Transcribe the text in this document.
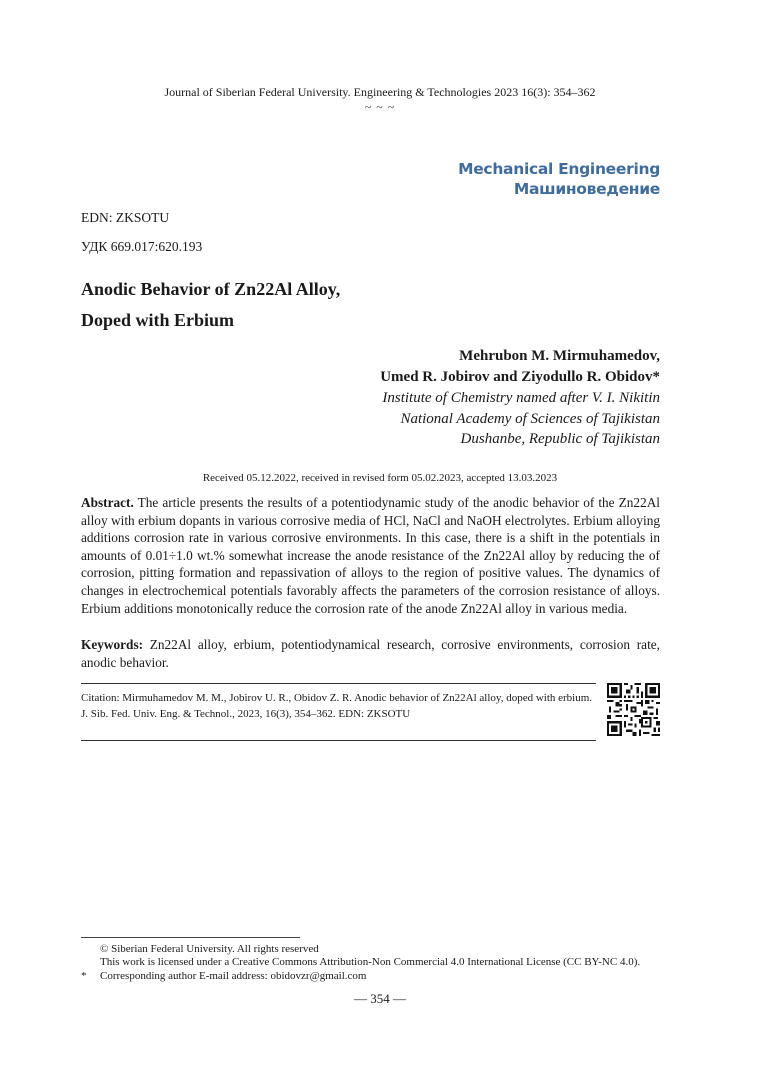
Journal of Siberian Federal University. Engineering & Technologies 2023 16(3): 354–362
~ ~ ~
Mechanical Engineering
Машиноведение
EDN: ZKSOTU
УДК 669.017:620.193
Anodic Behavior of Zn22Al Alloy,
Doped with Erbium
Mehrubon M. Mirmuhamedov,
Umed R. Jobirov and Ziyodullo R. Obidov*
Institute of Chemistry named after V. I. Nikitin
National Academy of Sciences of Tajikistan
Dushanbe, Republic of Tajikistan
Received 05.12.2022, received in revised form 05.02.2023, accepted 13.03.2023
Abstract. The article presents the results of a potentiodynamic study of the anodic behavior of the Zn22Al alloy with erbium dopants in various corrosive media of HCl, NaCl and NaOH electrolytes. Erbium alloying additions corrosion rate in various corrosive environments. In this case, there is a shift in the potentials in amounts of 0.01÷1.0 wt.% somewhat increase the anode resistance of the Zn22Al alloy by reducing the of corrosion, pitting formation and repassivation of alloys to the region of positive values. The dynamics of changes in electrochemical potentials favorably affects the parameters of the corrosion resistance of alloys. Erbium additions monotonically reduce the corrosion rate of the anode Zn22Al alloy in various media.
Keywords: Zn22Al alloy, erbium, potentiodynamical research, corrosive environments, corrosion rate, anodic behavior.
Citation: Mirmuhamedov M. M., Jobirov U. R., Obidov Z. R. Anodic behavior of Zn22Al alloy, doped with erbium.
J. Sib. Fed. Univ. Eng. & Technol., 2023, 16(3), 354–362. EDN: ZKSOTU
© Siberian Federal University. All rights reserved
This work is licensed under a Creative Commons Attribution-Non Commercial 4.0 International License (CC BY-NC 4.0).
* Corresponding author E-mail address: obidovzr@gmail.com
— 354 —
